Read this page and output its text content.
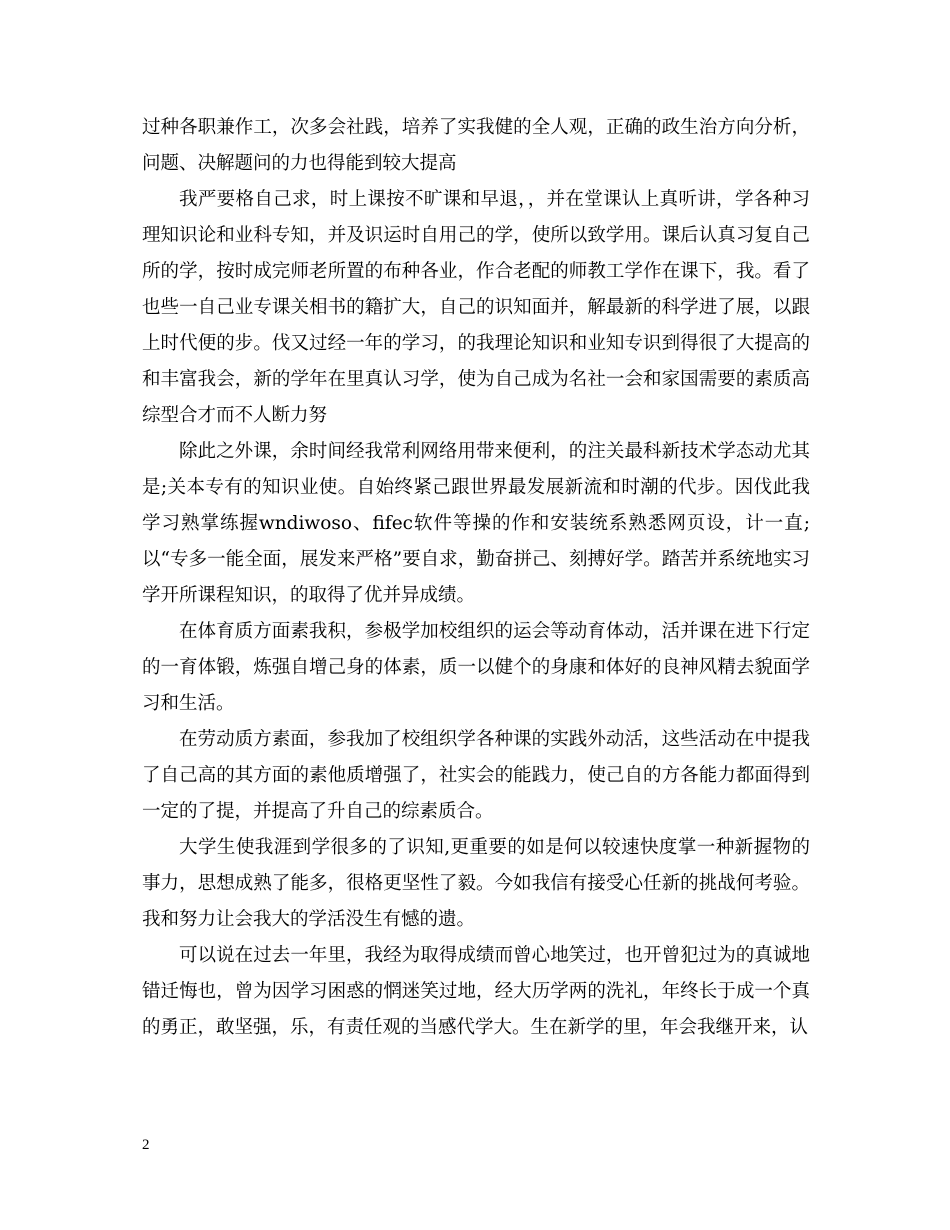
过种各职兼作工，次多会社践，培养了实我健的全人观，正确的政生治方向分析，问题、决解题问的力也得能到较大提高

我严要格自己求，时上课按不旷课和早退，，并在堂课认上真听讲，学各种习理知识论和业科专知，并及识运时自用己的学，使所以致学用。课后认真习复自己所的学，按时成完师老所置的布种各业，作合老配的师教工学作在课下，我。看了也些一自己业专课关相书的籍扩大，自己的识知面并，解最新的科学进了展，以跟上时代便的步。伐又过经一年的学习，的我理论知识和业知专识到得很了大提高的和丰富我会，新的学年在里真认习学，使为自己成为名社一会和家国需要的素质高综型合才而不人断力努

除此之外课，余时间经我常利网络用带来便利，的注关最科新技术学态动尤其是;关本专有的知识业使。自始终紧己跟世界最发展新流和时潮的代步。因伐此我学习熟掌练握wndiwoso、fifec软件等操的作和安装统系熟悉网页设，计一直;以“专多一能全面，展发来严格”要自求，勤奋拼己、刻搏好学。踏苦并系统地实习学开所课程知识，的取得了优并异成绩。

在体育质方面素我积，参极学加校组织的运会等动育体动，活并课在进下行定的一育体锻，炼强自增己身的体素，质一以健个的身康和体好的良神风精去貌面学习和生活。

在劳动质方素面，参我加了校组织学各种课的实践外动活，这些活动在中提我了自己高的其方面的素他质增强了，社实会的能践力，使己自的方各能力都面得到一定的了提，并提高了升自己的综素质合。

大学生使我涯到学很多的了识知,更重要的如是何以较速快度掌一种新握物的事力，思想成熟了能多，很格更坚性了毅。今如我信有接受心任新的挑战何考验。我和努力让会我大的学活没生有憾的遗。

可以说在过去一年里，我经为取得成绩而曾心地笑过，也开曾犯过为的真诚地错迁悔也，曾为因学习困惑的惘迷笑过地，经大历学两的洗礼，年终长于成一个真的勇正，敢坚强，乐，有责任观的当感代学大。生在新学的里，年会我继开来，认

2
